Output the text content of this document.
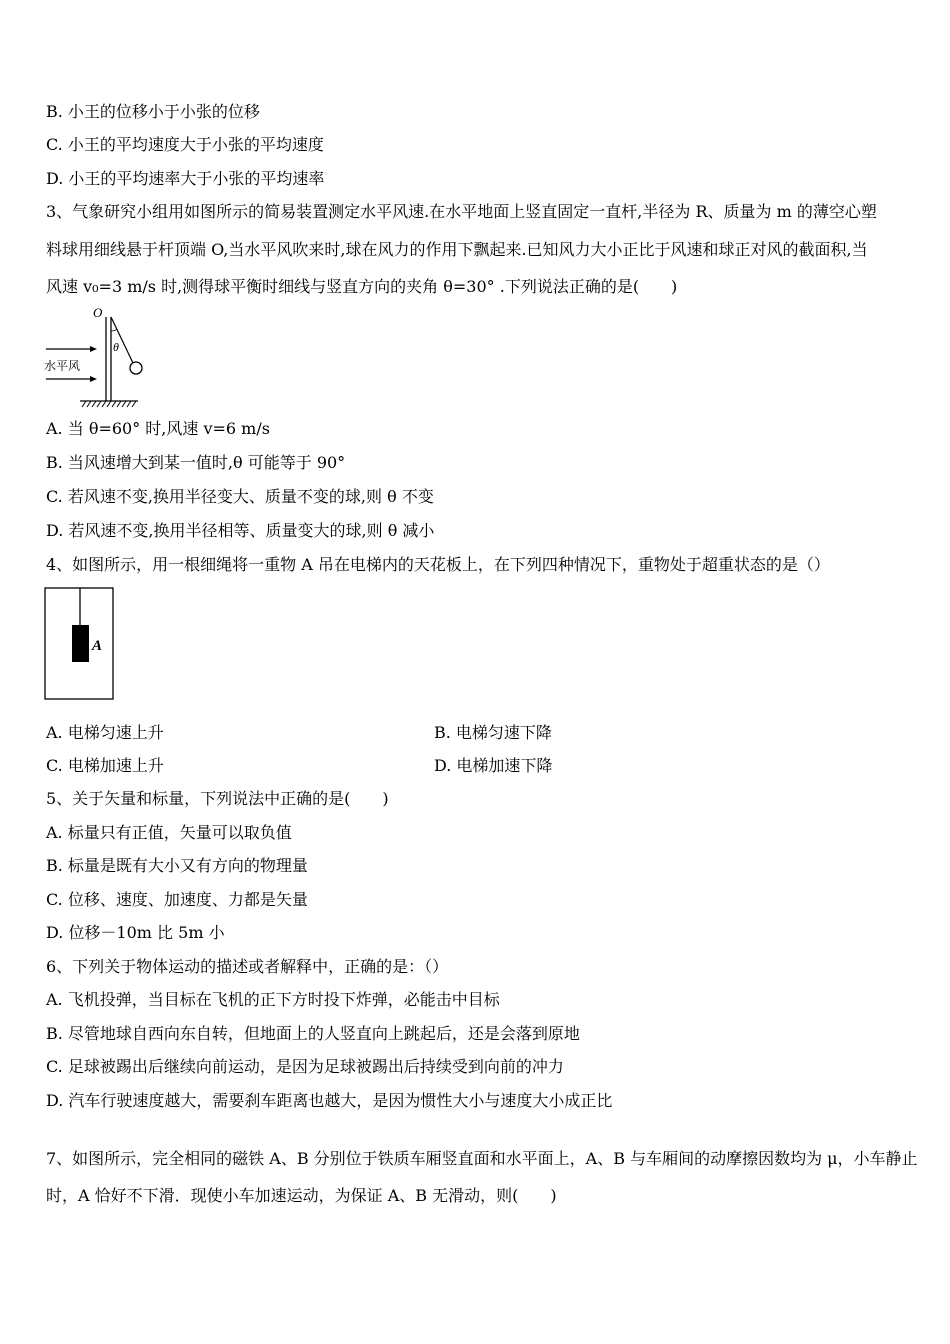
B. 小王的位移小于小张的位移
C. 小王的平均速度大于小张的平均速度
D. 小王的平均速率大于小张的平均速率
3、气象研究小组用如图所示的简易装置测定水平风速.在水平地面上竖直固定一直杆,半径为 R、质量为 m 的薄空心塑
料球用细线悬于杆顶端 O,当水平风吹来时,球在风力的作用下飘起来.已知风力大小正比于风速和球正对风的截面积,当
风速 v₀=3 m/s 时,测得球平衡时细线与竖直方向的夹角 θ=30° .下列说法正确的是(　　)
O
θ
水平风
A. 当 θ=60° 时,风速 v=6 m/s
B. 当风速增大到某一值时,θ 可能等于 90°
C. 若风速不变,换用半径变大、质量不变的球,则 θ 不变
D. 若风速不变,换用半径相等、质量变大的球,则 θ 减小
4、如图所示，用一根细绳将一重物 A 吊在电梯内的天花板上，在下列四种情况下，重物处于超重状态的是（）
A
A. 电梯匀速上升	B. 电梯匀速下降
C. 电梯加速上升	D. 电梯加速下降
5、关于矢量和标量，下列说法中正确的是(　　)
A. 标量只有正值，矢量可以取负值
B. 标量是既有大小又有方向的物理量
C. 位移、速度、加速度、力都是矢量
D. 位移－10m 比 5m 小
6、下列关于物体运动的描述或者解释中，正确的是：（）
A. 飞机投弹，当目标在飞机的正下方时投下炸弹，必能击中目标
B. 尽管地球自西向东自转，但地面上的人竖直向上跳起后，还是会落到原地
C. 足球被踢出后继续向前运动，是因为足球被踢出后持续受到向前的冲力
D. 汽车行驶速度越大，需要刹车距离也越大，是因为惯性大小与速度大小成正比
7、如图所示，完全相同的磁铁 A、B 分别位于铁质车厢竖直面和水平面上，A、B 与车厢间的动摩擦因数均为 μ，小车静止
时，A 恰好不下滑．现使小车加速运动，为保证 A、B 无滑动，则(　　)
